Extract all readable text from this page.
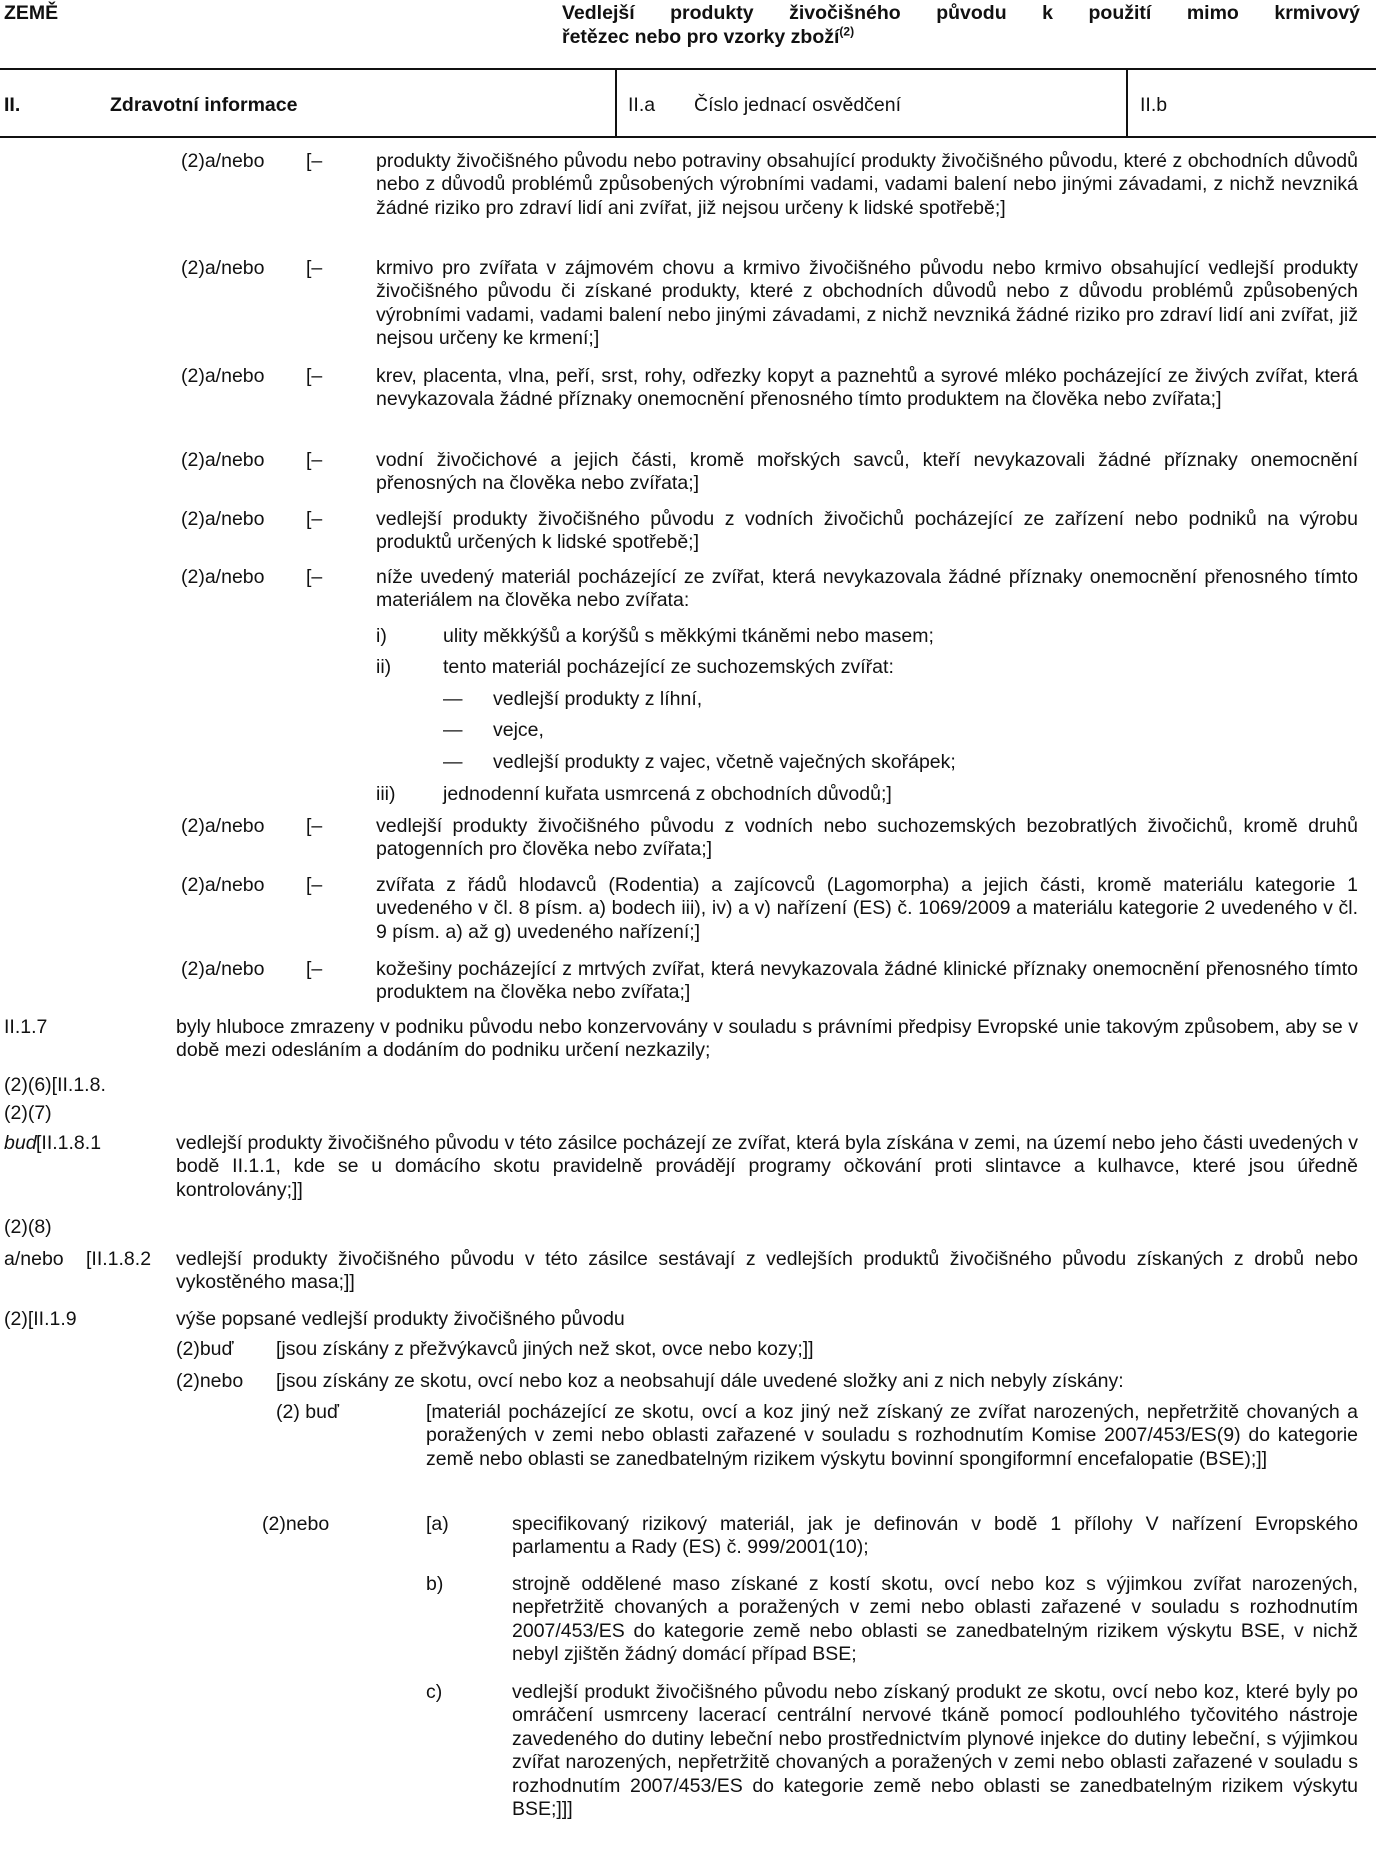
ZEMĚ	Vedlejší produkty živočišného původu k použití mimo krmivový
řetězec nebo pro vzorky zboží$^{(2)}$
II.	Zdravotní informace	II.a Číslo jednací osvědčení	II.b
(2)a/nebo [–	produkty živočišného původu nebo potraviny obsahující produkty živočišného původu, které z obchodních důvodů nebo z důvodů problémů způsobených výrobními vadami, vadami balení nebo jinými závadami, z nichž nevzniká žádné riziko pro zdraví lidí ani zvířat, již nejsou určeny k lidské spotřebě;]
(2)a/nebo [–	krmivo pro zvířata v zájmovém chovu a krmivo živočišného původu nebo krmivo obsahující vedlejší produkty živočišného původu či získané produkty, které z obchodních důvodů nebo z důvodu problémů způsobených výrobními vadami, vadami balení nebo jinými závadami, z nichž nevzniká žádné riziko pro zdraví lidí ani zvířat, již nejsou určeny ke krmení;]
(2)a/nebo [–	krev, placenta, vlna, peří, srst, rohy, odřezky kopyt a paznehtů a syrové mléko pocházející ze živých zvířat, která nevykazovala žádné příznaky onemocnění přenosného tímto produktem na člověka nebo zvířata;]
(2)a/nebo [–	vodní živočichové a jejich části, kromě mořských savců, kteří nevykazovali žádné příznaky onemocnění přenosných na člověka nebo zvířata;]
(2)a/nebo [–	vedlejší produkty živočišného původu z vodních živočichů pocházející ze zařízení nebo podniků na výrobu produktů určených k lidské spotřebě;]
(2)a/nebo [–	níže uvedený materiál pocházející ze zvířat, která nevykazovala žádné příznaky onemocnění přenosného tímto materiálem na člověka nebo zvířata:
i)	ulity měkkýšů a korýšů s měkkými tkáněmi nebo masem;
ii)	tento materiál pocházející ze suchozemských zvířat:
— vedlejší produkty z líhní,
— vejce,
— vedlejší produkty z vajec, včetně vaječných skořápek;
iii) jednodenní kuřata usmrcená z obchodních důvodů;]
(2)a/nebo [–	vedlejší produkty živočišného původu z vodních nebo suchozemských bezobratlých živočichů, kromě druhů patogenních pro člověka nebo zvířata;]
(2)a/nebo [–	zvířata z řádů hlodavců (Rodentia) a zajícovců (Lagomorpha) a jejich části, kromě materiálu kategorie 1 uvedeného v čl. 8 písm. a) bodech iii), iv) a v) nařízení (ES) č. 1069/2009 a materiálu kategorie 2 uvedeného v čl. 9 písm. a) až g) uvedeného nařízení;]
(2)a/nebo [–	kožešiny pocházející z mrtvých zvířat, která nevykazovala žádné klinické příznaky onemocnění přenosného tímto produktem na člověka nebo zvířata;]
II.1.7	byly hluboce zmrazeny v podniku původu nebo konzervovány v souladu s právními předpisy Evropské unie takovým způsobem, aby se v době mezi odesláním a dodáním do podniku určení nezkazily;
(2)(6)[II.1.8.
(2)(7)
buď
[II.1.8.1	vedlejší produkty živočišného původu v této zásilce pocházejí ze zvířat, která byla získána v zemi, na území nebo jeho části uvedených v bodě II.1.1, kde se u domácího skotu pravidelně provádějí programy očkování proti slintavce a kulhavce, které jsou úředně kontrolovány;]]
(2)(8)
a/nebo [II.1.8.2 vedlejší produkty živočišného původu v této zásilce sestávají z vedlejších produktů živočišného původu získaných z drobů nebo vykostěného masa;]]
(2)[II.1.9	výše popsané vedlejší produkty živočišného původu
(2)buď [jsou získány z přežvýkavců jiných než skot, ovce nebo kozy;]]
(2)nebo [jsou získány ze skotu, ovcí nebo koz a neobsahují dále uvedené složky ani z nich nebyly získány:
(2) buď	[materiál pocházející ze skotu, ovcí a koz jiný než získaný ze zvířat narozených, nepřetržitě chovaných a poražených v zemi nebo oblasti zařazené v souladu s rozhodnutím Komise 2007/453/ES(9) do kategorie země nebo oblasti se zanedbatelným rizikem výskytu bovinní spongiformní encefalopatie (BSE);]]
(2)nebo	[a)	specifikovaný rizikový materiál, jak je definován v bodě 1 přílohy V nařízení Evropského parlamentu a Rady (ES) č. 999/2001(10);
b)	strojně oddělené maso získané z kostí skotu, ovcí nebo koz s výjimkou zvířat narozených, nepřetržitě chovaných a poražených v zemi nebo oblasti zařazené v souladu s rozhodnutím 2007/453/ES do kategorie země nebo oblasti se zanedbatelným rizikem výskytu BSE, v nichž nebyl zjištěn žádný domácí případ BSE;
c)	vedlejší produkt živočišného původu nebo získaný produkt ze skotu, ovcí nebo koz, které byly po omráčení usmrceny lacerací centrální nervové tkáně pomocí podlouhlého tyčovitého nástroje zavedeného do dutiny lebeční nebo prostřednictvím plynové injekce do dutiny lebeční, s výjimkou zvířat narozených, nepřetržitě chovaných a poražených v zemi nebo oblasti zařazené v souladu s rozhodnutím 2007/453/ES do kategorie země nebo oblasti se zanedbatelným rizikem výskytu BSE;]]]
